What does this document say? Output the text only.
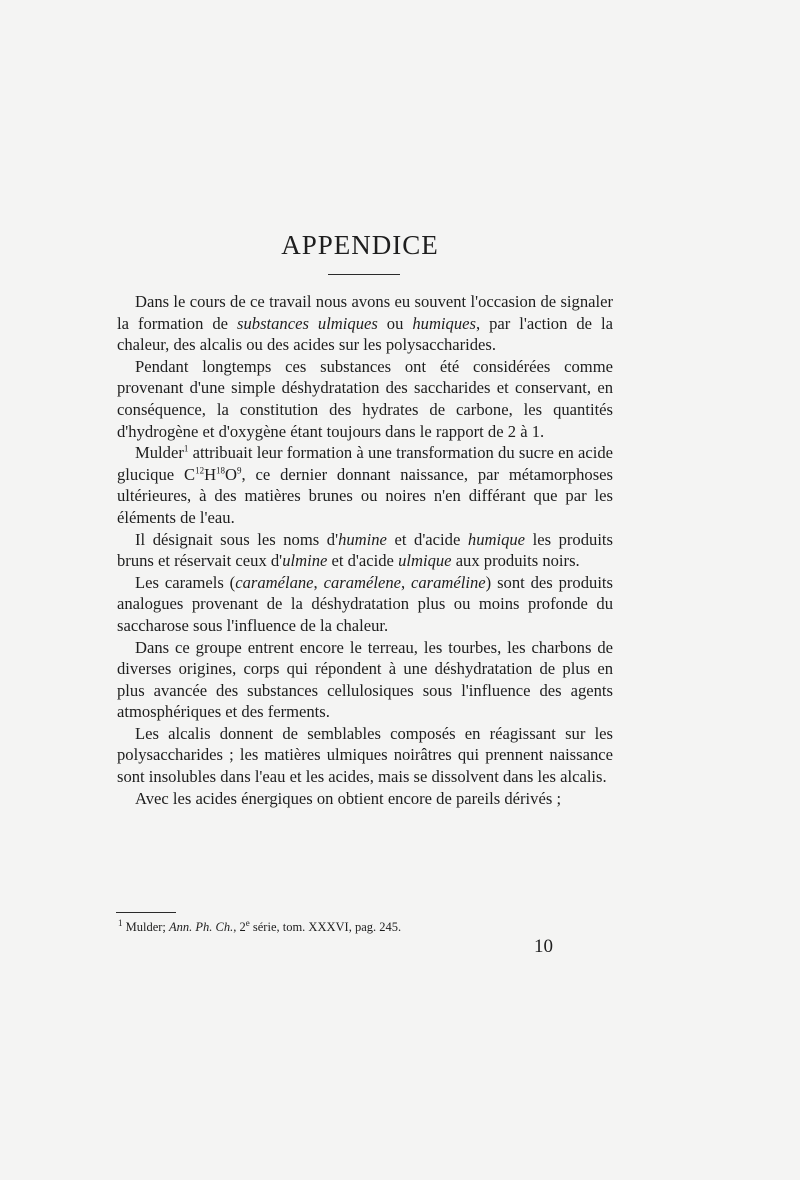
APPENDICE

Dans le cours de ce travail nous avons eu souvent l'occasion de signaler la formation de substances ulmiques ou humiques, par l'action de la chaleur, des alcalis ou des acides sur les polysaccharides.

Pendant longtemps ces substances ont été considérées comme provenant d'une simple déshydratation des saccharides et conservant, en conséquence, la constitution des hydrates de carbone, les quantités d'hydrogène et d'oxygène étant toujours dans le rapport de 2 à 1.

Mulder$^1$ attribuait leur formation à une transformation du sucre en acide glucique $C^{12}H^{18}O^9$, ce dernier donnant naissance, par métamorphoses ultérieures, à des matières brunes ou noires n'en différant que par les éléments de l'eau.

Il désignait sous les noms d'humine et d'acide humique les produits bruns et réservait ceux d'ulmine et d'acide ulmique aux produits noirs.

Les caramels (caramélane, caramélene, caraméline) sont des produits analogues provenant de la déshydratation plus ou moins profonde du saccharose sous l'influence de la chaleur.

Dans ce groupe entrent encore le terreau, les tourbes, les charbons de diverses origines, corps qui répondent à une déshydratation de plus en plus avancée des substances cellulosiques sous l'influence des agents atmosphériques et des ferments.

Les alcalis donnent de semblables composés en réagissant sur les polysaccharides ; les matières ulmiques noirâtres qui prennent naissance sont insolubles dans l'eau et les acides, mais se dissolvent dans les alcalis.

Avec les acides énergiques on obtient encore de pareils dérivés ;

$^1$ Mulder; Ann. Ph. Ch., 2e série, tom. XXXVI, pag. 245.
10
